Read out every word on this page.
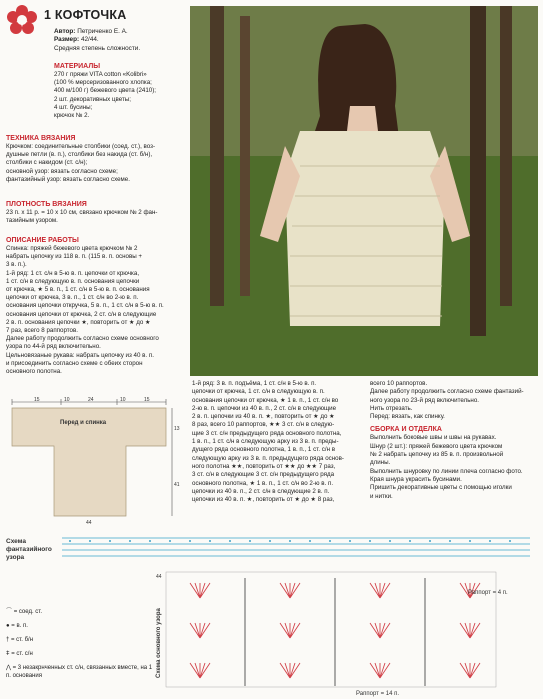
1 КОФТОЧКА
Автор: Петриченко Е. А.
Размер: 42/44.
Средняя степень сложности.
МАТЕРИАЛЫ
270 г пряжи VITA cotton «Kolibri»
(100 % мерсеризованного хлопка;
400 м/100 г) бежевого цвета (2410);
2 шт. декоративных цветы;
4 шт. бусины;
крючок № 2.
ТЕХНИКА ВЯЗАНИЯ
Крючком: соединительные столбики (соед. ст.), воз-
душные петли (в. п.), столбики без накида (ст. б/н),
столбики с накидом (ст. с/н);
основной узор: вязать согласно схеме;
фантазийный узор: вязать согласно схеме.
ПЛОТНОСТЬ ВЯЗАНИЯ
23 п. х 11 р. = 10 х 10 см, связано крючком № 2 фан-
тазийным узором.
ОПИСАНИЕ РАБОТЫ
Спинка: пряжей бежевого цвета крючком № 2
набрать цепочку из 118 в. п. (115 в. п. основы +
3 в. п.).
1-й ряд: 1 ст. с/н в 5-ю в. п. цепочки от крючка,
1 ст. с/н в следующую в. п. основания цепочки
от крючка, ★ 5 в. п., 1 ст. с/н в 5-ю в. п. основания
цепочки от крючка, 3 в. п., 1 ст. с/н во 2-ю в. п.
основания цепочки откручка, 5 в. п., 1 ст. с/н в 5-ю в. п.
основания цепочки от крючка, 2 ст. с/н в следующие
2 в. п. основания цепочки ★, повторить от ★ до ★
7 раз, всего 8 раппортов.
Далее работу продолжить согласно схеме основного
узора по 44-й ряд включительно.
Цельновязаные рукава: набрать цепочку из 40 в. п.
и присоединить согласно схеме с обеих сторон
основного полотна.
15	10	24	10	15
Перед и спинка
13
41
44
1-й ряд: 3 в. п. подъёма, 1 ст. с/н в 5-ю в. п.
цепочки от крючка, 1 ст. с/н в следующую в. п.
основания цепочки от крючка, ★ 1 в. п., 1 ст. с/н во
2-ю в. п. цепочки из 40 в. п., 2 ст. с/н в следующие
2 в. п. цепочки из 40 в. п. ★, повторить от ★ до ★
8 раз, всего 10 раппортов, ★★ 3 ст. с/н в следую-
щие 3 ст. с/н предыдущего ряда основного полотна,
1 в. п., 1 ст. с/н в следующую арку из 3 в. п. преды-
дущего ряда основного полотна, 1 в. п., 1 ст. с/н в
следующую арку из 3 в. п. предыдущего ряда основ-
ного полотна ★★, повторить от ★★ до ★★ 7 раз,
3 ст. с/н в следующие 3 ст. с/н предыдущего ряда
основного полотна, ★ 1 в. п., 1 ст. с/н во 2-ю в. п.
цепочки из 40 в. п., 2 ст. с/н в следующие 2 в. п.
цепочки из 40 в. п. ★, повторить от ★ до ★ 8 раз,
всего 10 раппортов.
Далее работу продолжить согласно схеме фантазий-
ного узора по 23-й ряд включительно.
Нить отрезать.
Перед: вязать, как спинку.
СБОРКА И ОТДЕЛКА
Выполнить боковые швы и швы на рукавах.
Шнур (2 шт.): пряжей бежевого цвета крючком
№ 2 набрать цепочку из 85 в. п. произвольной
длины.
Выполнить шнуровку по линии плеча согласно фото.
Края шнура украсить бусинами.
Пришить декоративные цветы с помощью иголки
и нитки.
Схема
фантазийного
узора
Раппорт = 4 п.
Раппорт = 14 п.
44
Схема основного узора
⌒ = соед. ст.
● = в. п.
† = ст. б/н
ǂ = ст. с/н
⋀ = 3 незакрнченных ст. с/н, связанных вместе, на 1 п. основания
